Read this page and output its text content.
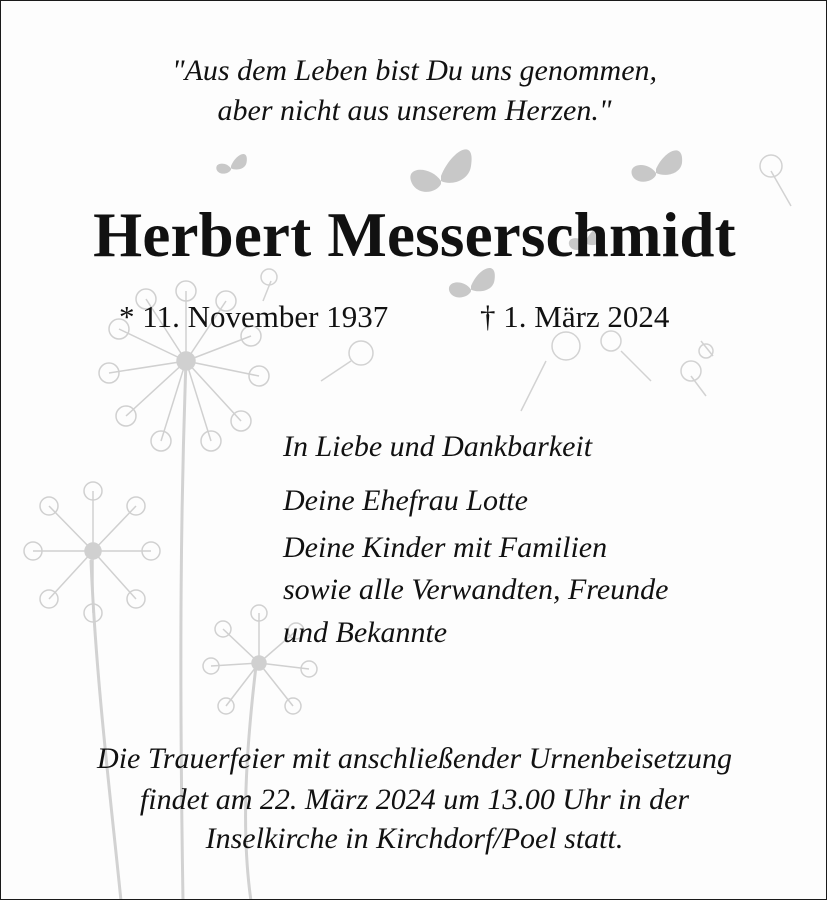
"Aus dem Leben bist Du uns genommen,
aber nicht aus unserem Herzen."
Herbert Messerschmidt
* 11. November 1937	† 1. März 2024
In Liebe und Dankbarkeit
Deine Ehefrau Lotte
Deine Kinder mit Familien
sowie alle Verwandten, Freunde
und Bekannte
Die Trauerfeier mit anschließender Urnenbeisetzung
findet am 22. März 2024 um 13.00 Uhr in der
Inselkirche in Kirchdorf/Poel statt.
